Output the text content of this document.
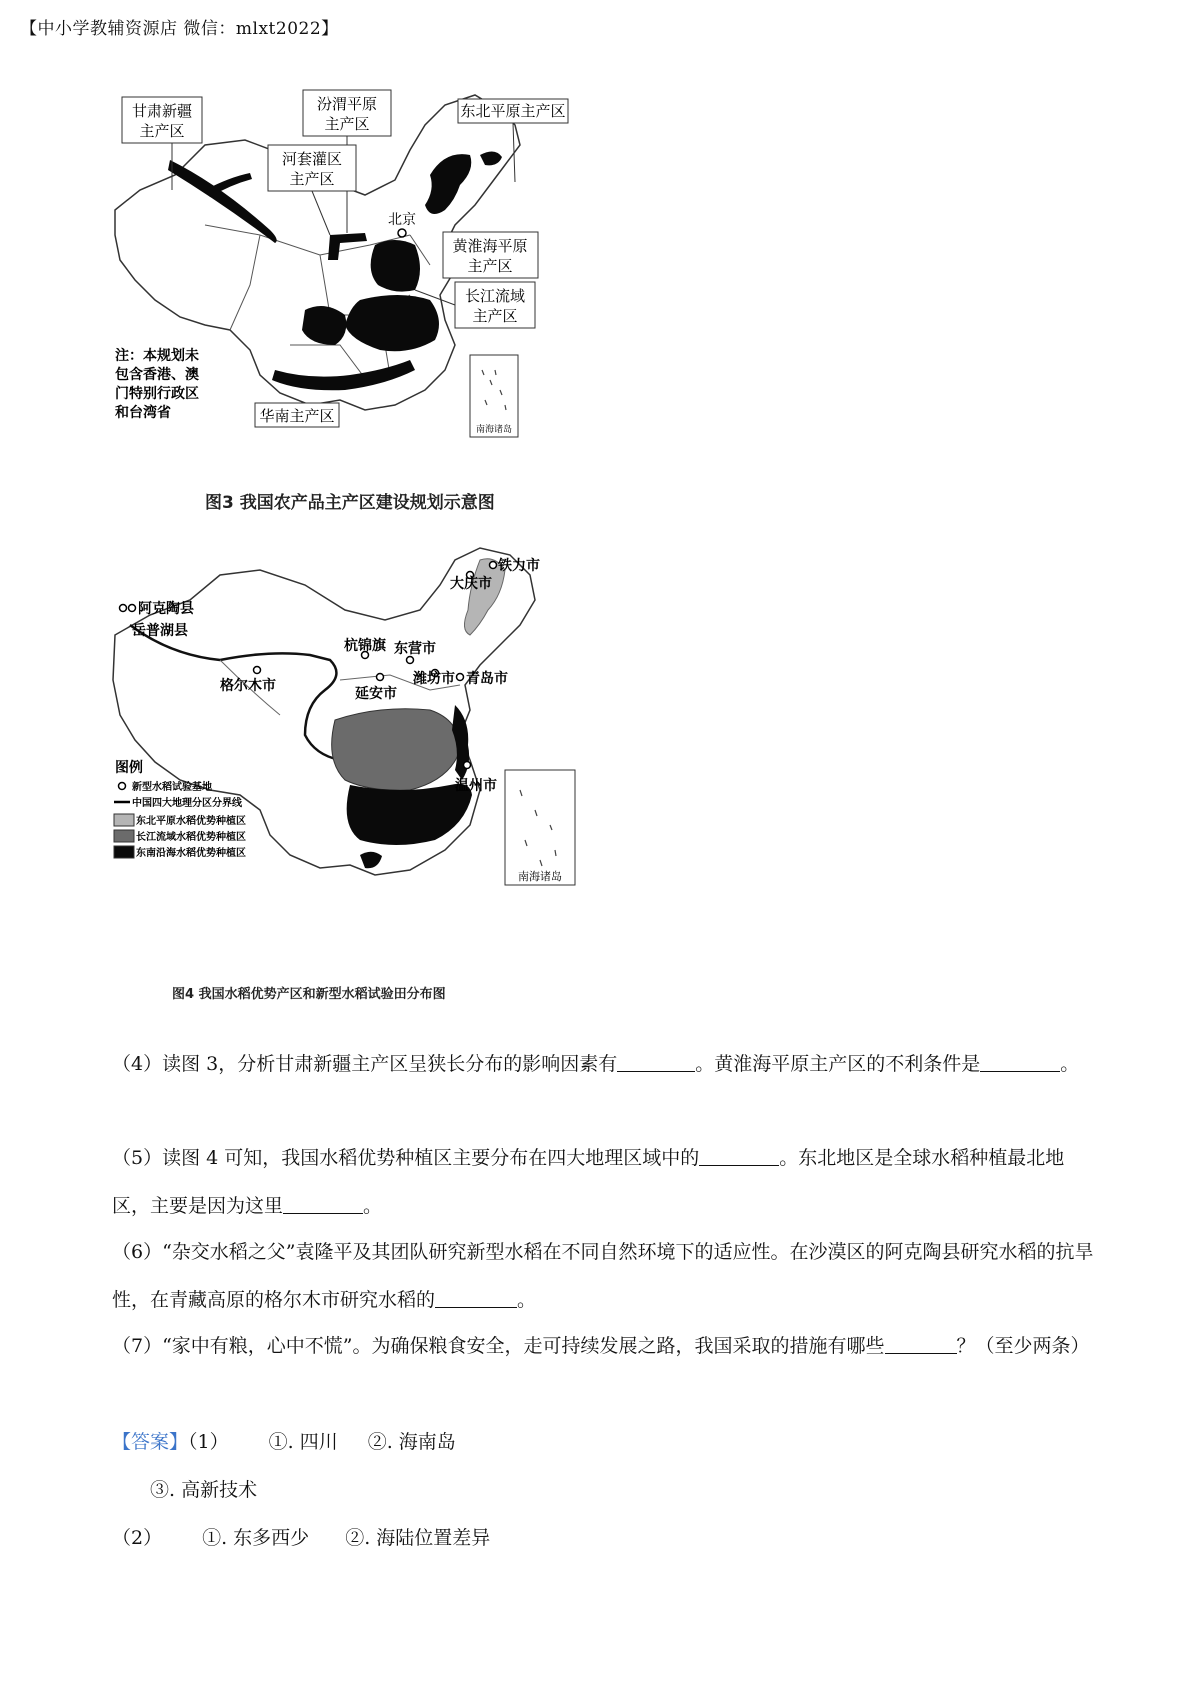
【中小学教辅资源店 微信：mlxt2022】
甘肃新疆
主产区
汾渭平原
主产区
河套灌区
主产区
东北平原主产区
北京
黄淮海平原
主产区
长江流域
主产区
华南主产区
南海诸岛
注：本规划未
包含香港、澳
门特别行政区
和台湾省
图3 我国农产品主产区建设规划示意图
铁力市
大庆市
阿克陶县
岳普湖县
杭锦旗 东营市
潍坊市 青岛市
格尔木市	延安市
温州市
南海诸岛
图例
新型水稻试验基地
中国四大地理分区分界线
东北平原水稻优势种植区
长江流域水稻优势种植区
东南沿海水稻优势种植区
图4 我国水稻优势产区和新型水稻试验田分布图

（4）读图 3，分析甘肃新疆主产区呈狭长分布的影响因素有	。黄淮海平原主产区的不利条件是	。

（5）读图 4 可知，我国水稻优势种植区主要分布在四大地理区域中的	。东北地区是全球水稻种植最北地区，主要是因为这里	。

（6）“杂交水稻之父”袁隆平及其团队研究新型水稻在不同自然环境下的适应性。在沙漠区的阿克陶县研究水稻的抗旱性，在青藏高原的格尔木市研究水稻的	。

（7）“家中有粮，心中不慌”。为确保粮食安全，走可持续发展之路，我国采取的措施有哪些	？（至少两条）

【答案】（1） ①. 四川 ②. 海南岛

③. 高新技术

（2） ①. 东多西少 ②. 海陆位置差异
